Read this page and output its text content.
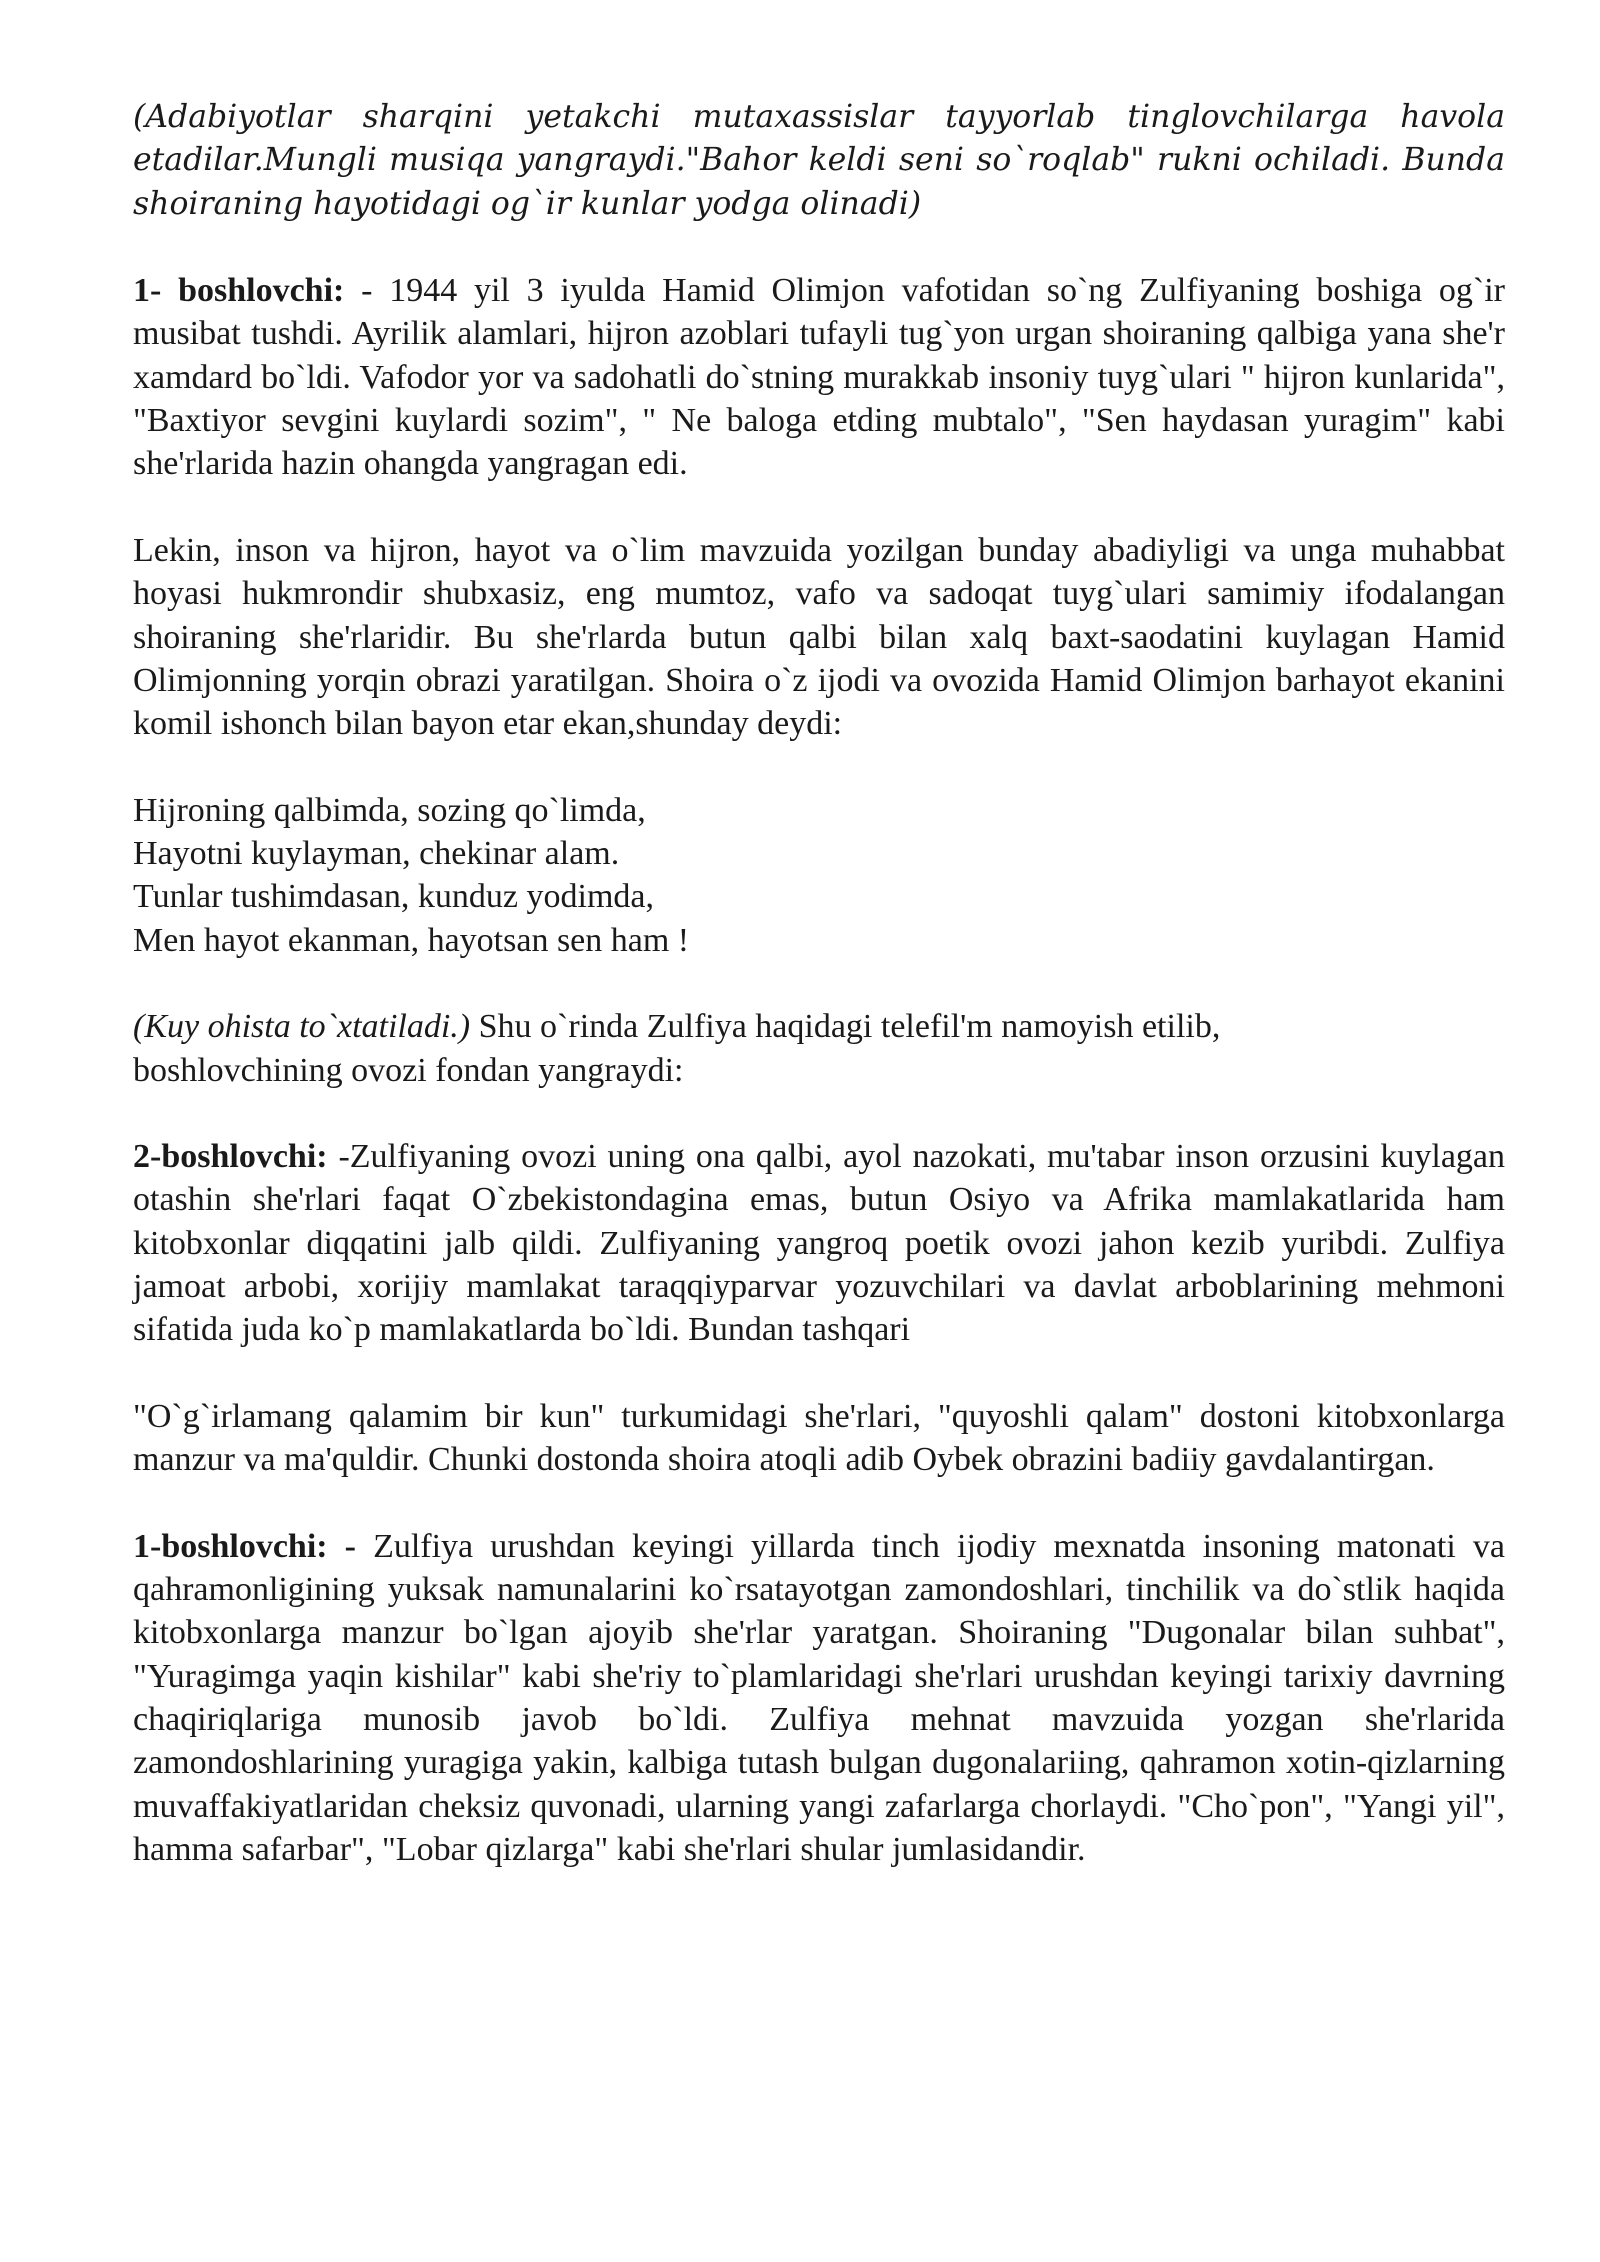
(Adabiyotlar sharqini yetakchi mutaxassislar tayyorlab tinglovchilarga havola etadilar.Mungli musiqa yangraydi."Bahor keldi seni so`roqlab" rukni ochiladi. Bunda shoiraning hayotidagi og`ir kunlar yodga olinadi)

1- boshlovchi: - 1944 yil 3 iyulda Hamid Olimjon vafotidan so`ng Zulfiyaning boshiga og`ir musibat tushdi. Ayrilik alamlari, hijron azoblari tufayli tug`yon urgan shoiraning qalbiga yana she'r xamdard bo`ldi. Vafodor yor va sadohatli do`stning murakkab insoniy tuyg`ulari " hijron kunlarida", "Baxtiyor sevgini kuylardi sozim", " Ne baloga etding mubtalo", "Sen haydasan yuragim" kabi she'rlarida hazin ohangda yangragan edi.

Lekin, inson va hijron, hayot va o`lim mavzuida yozilgan bunday abadiyligi va unga muhabbat hoyasi hukmrondir shubxasiz, eng mumtoz, vafo va sadoqat tuyg`ulari samimiy ifodalangan shoiraning she'rlaridir. Bu she'rlarda butun qalbi bilan xalq baxt-saodatini kuylagan Hamid Olimjonning yorqin obrazi yaratilgan. Shoira o`z ijodi va ovozida Hamid Olimjon barhayot ekanini komil ishonch bilan bayon etar ekan,shunday deydi:

Hijroning qalbimda, sozing qo`limda,
Hayotni kuylayman, chekinar alam.
Tunlar tushimdasan, kunduz yodimda,
Men hayot ekanman, hayotsan sen ham !

(Kuy ohista to`xtatiladi.) Shu o`rinda Zulfiya haqidagi telefil'm namoyish etilib,
boshlovchining ovozi fondan yangraydi:

2-boshlovchi: -Zulfiyaning ovozi uning ona qalbi, ayol nazokati, mu'tabar inson orzusini kuylagan otashin she'rlari faqat O`zbekistondagina emas, butun Osiyo va Afrika mamlakatlarida ham kitobxonlar diqqatini jalb qildi. Zulfiyaning yangroq poetik ovozi jahon kezib yuribdi. Zulfiya jamoat arbobi, xorijiy mamlakat taraqqiyparvar yozuvchilari va davlat arboblarining mehmoni sifatida juda ko`p mamlakatlarda bo`ldi. Bundan tashqari

"O`g`irlamang qalamim bir kun" turkumidagi she'rlari, "quyoshli qalam" dostoni kitobxonlarga manzur va ma'quldir. Chunki dostonda shoira atoqli adib Oybek obrazini badiiy gavdalantirgan.

1-boshlovchi: - Zulfiya urushdan keyingi yillarda tinch ijodiy mexnatda insoning matonati va qahramonligining yuksak namunalarini ko`rsatayotgan zamondoshlari, tinchilik va do`stlik haqida kitobxonlarga manzur bo`lgan ajoyib she'rlar yaratgan. Shoiraning "Dugonalar bilan suhbat", "Yuragimga yaqin kishilar" kabi she'riy to`plamlaridagi she'rlari urushdan keyingi tarixiy davrning chaqiriqlariga munosib javob bo`ldi. Zulfiya mehnat mavzuida yozgan she'rlarida zamondoshlarining yuragiga yakin, kalbiga tutash bulgan dugonalariing, qahramon xotin-qizlarning muvaffakiyatlaridan cheksiz quvonadi, ularning yangi zafarlarga chorlaydi. "Cho`pon", "Yangi yil", hamma safarbar", "Lobar qizlarga" kabi she'rlari shular jumlasidandir.
